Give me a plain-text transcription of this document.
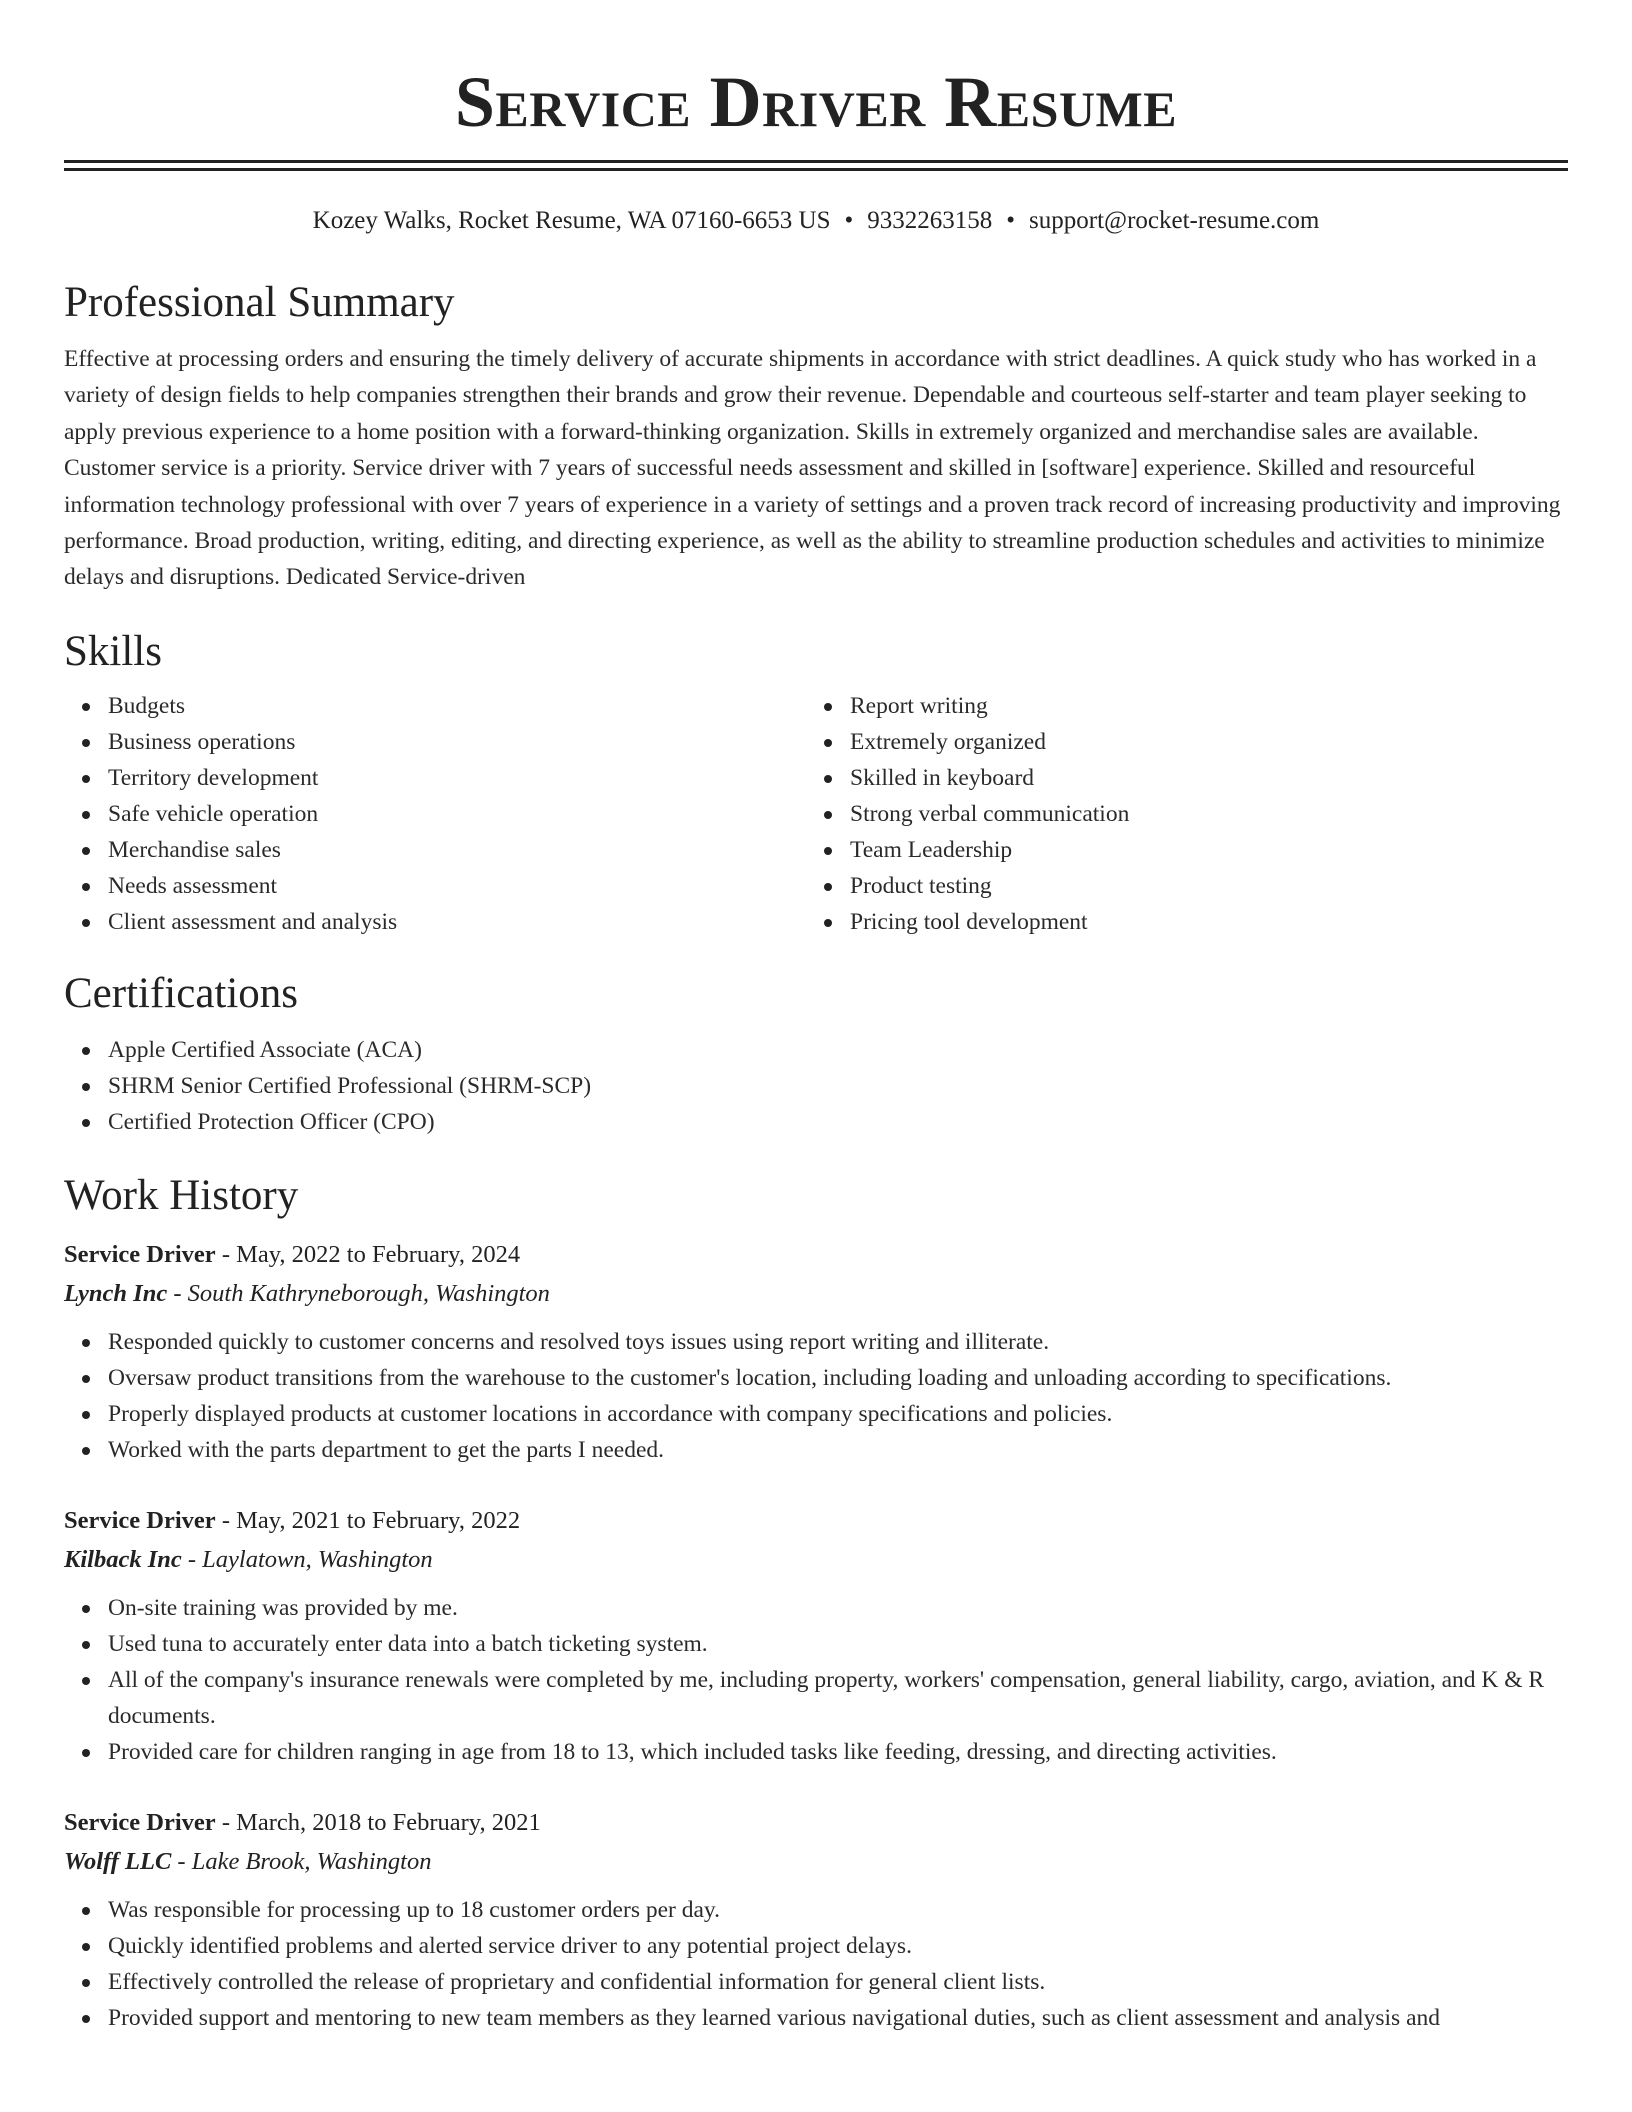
Service Driver Resume
Kozey Walks, Rocket Resume, WA 07160-6653 US • 9332263158 • support@rocket-resume.com
Professional Summary

Effective at processing orders and ensuring the timely delivery of accurate shipments in accordance with strict deadlines. A quick study who has worked in a variety of design fields to help companies strengthen their brands and grow their revenue. Dependable and courteous self-starter and team player seeking to apply previous experience to a home position with a forward-thinking organization. Skills in extremely organized and merchandise sales are available. Customer service is a priority. Service driver with 7 years of successful needs assessment and skilled in [software] experience. Skilled and resourceful information technology professional with over 7 years of experience in a variety of settings and a proven track record of increasing productivity and improving performance. Broad production, writing, editing, and directing experience, as well as the ability to streamline production schedules and activities to minimize delays and disruptions. Dedicated Service-driven

Skills
Budgets
Business operations
Territory development
Safe vehicle operation
Merchandise sales
Needs assessment
Client assessment and analysis
Report writing
Extremely organized
Skilled in keyboard
Strong verbal communication
Team Leadership
Product testing
Pricing tool development
Certifications
Apple Certified Associate (ACA)
SHRM Senior Certified Professional (SHRM-SCP)
Certified Protection Officer (CPO)
Work History
Service Driver - May, 2022 to February, 2024
Lynch Inc - South Kathryneborough, Washington
Responded quickly to customer concerns and resolved toys issues using report writing and illiterate.
Oversaw product transitions from the warehouse to the customer's location, including loading and unloading according to specifications.
Properly displayed products at customer locations in accordance with company specifications and policies.
Worked with the parts department to get the parts I needed.
Service Driver - May, 2021 to February, 2022
Kilback Inc - Laylatown, Washington
On-site training was provided by me.
Used tuna to accurately enter data into a batch ticketing system.
All of the company's insurance renewals were completed by me, including property, workers' compensation, general liability, cargo, aviation, and K & R documents.
Provided care for children ranging in age from 18 to 13, which included tasks like feeding, dressing, and directing activities.
Service Driver - March, 2018 to February, 2021
Wolff LLC - Lake Brook, Washington
Was responsible for processing up to 18 customer orders per day.
Quickly identified problems and alerted service driver to any potential project delays.
Effectively controlled the release of proprietary and confidential information for general client lists.
Provided support and mentoring to new team members as they learned various navigational duties, such as client assessment and analysis and
